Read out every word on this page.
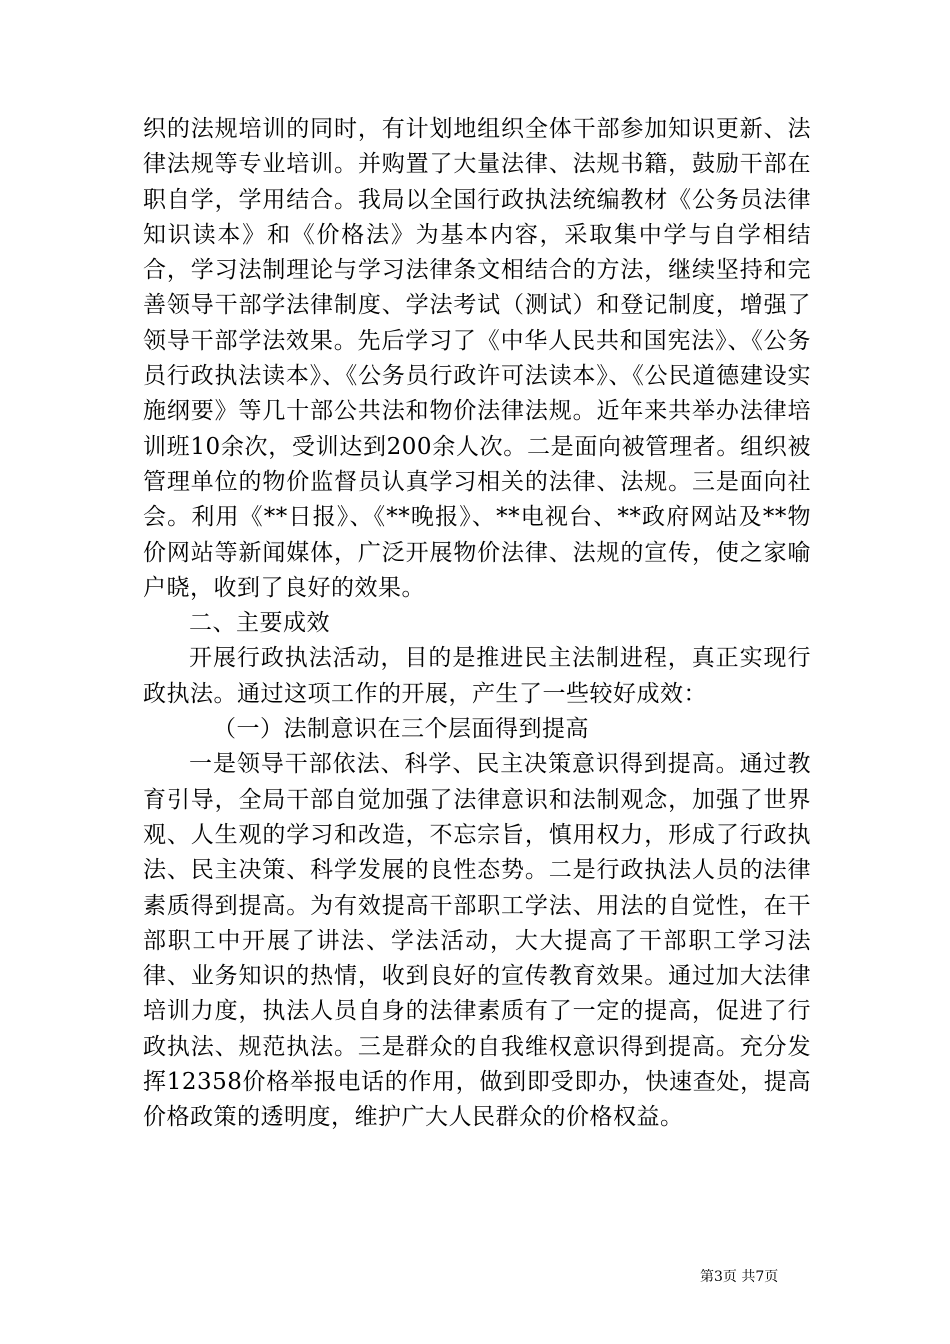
织的法规培训的同时，有计划地组织全体干部参加知识更新、法律法规等专业培训。并购置了大量法律、法规书籍，鼓励干部在职自学，学用结合。我局以全国行政执法统编教材《公务员法律知识读本》和《价格法》为基本内容，采取集中学与自学相结合，学习法制理论与学习法律条文相结合的方法，继续坚持和完善领导干部学法律制度、学法考试（测试）和登记制度，增强了领导干部学法效果。先后学习了《中华人民共和国宪法》、《公务员行政执法读本》、《公务员行政许可法读本》、《公民道德建设实施纲要》等几十部公共法和物价法律法规。近年来共举办法律培训班10余次，受训达到200余人次。二是面向被管理者。组织被管理单位的物价监督员认真学习相关的法律、法规。三是面向社会。利用《**日报》、《**晚报》、**电视台、**政府网站及**物价网站等新闻媒体，广泛开展物价法律、法规的宣传，使之家喻户晓，收到了良好的效果。

二、主要成效

开展行政执法活动，目的是推进民主法制进程，真正实现行政执法。通过这项工作的开展，产生了一些较好成效：

（一）法制意识在三个层面得到提高

一是领导干部依法、科学、民主决策意识得到提高。通过教育引导，全局干部自觉加强了法律意识和法制观念，加强了世界观、人生观的学习和改造，不忘宗旨，慎用权力，形成了行政执法、民主决策、科学发展的良性态势。二是行政执法人员的法律素质得到提高。为有效提高干部职工学法、用法的自觉性，在干部职工中开展了讲法、学法活动，大大提高了干部职工学习法律、业务知识的热情，收到良好的宣传教育效果。通过加大法律培训力度，执法人员自身的法律素质有了一定的提高，促进了行政执法、规范执法。三是群众的自我维权意识得到提高。充分发挥12358价格举报电话的作用，做到即受即办，快速查处，提高价格政策的透明度，维护广大人民群众的价格权益。

第3页 共7页
